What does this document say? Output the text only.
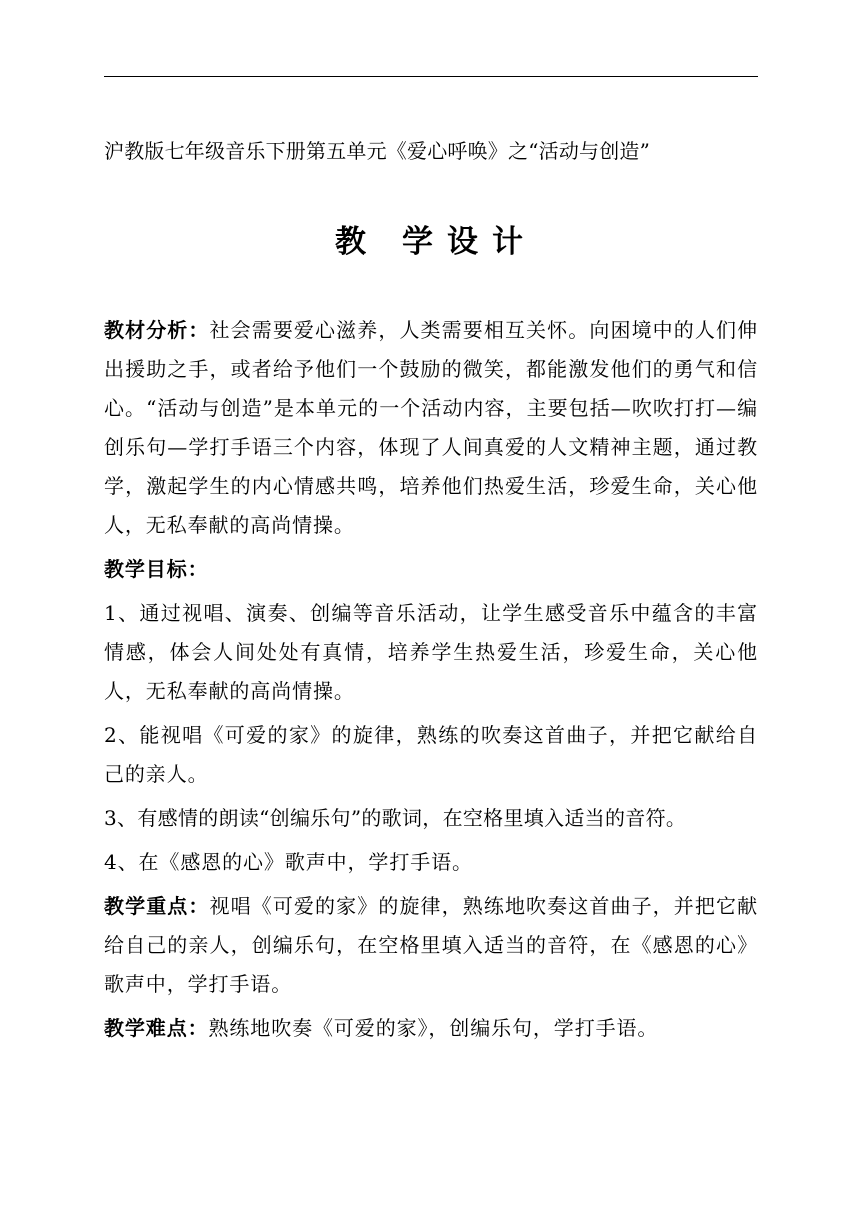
沪教版七年级音乐下册第五单元《爱心呼唤》之“活动与创造”
教 学 设 计

教材分析：社会需要爱心滋养，人类需要相互关怀。向困境中的人们伸出援助之手，或者给予他们一个鼓励的微笑，都能激发他们的勇气和信心。“活动与创造”是本单元的一个活动内容，主要包括—吹吹打打—编创乐句—学打手语三个内容，体现了人间真爱的人文精神主题，通过教学，激起学生的内心情感共鸣，培养他们热爱生活，珍爱生命，关心他人，无私奉献的高尚情操。

教学目标：

1、通过视唱、演奏、创编等音乐活动，让学生感受音乐中蕴含的丰富情感，体会人间处处有真情，培养学生热爱生活，珍爱生命，关心他人，无私奉献的高尚情操。

2、能视唱《可爱的家》的旋律，熟练的吹奏这首曲子，并把它献给自己的亲人。

3、有感情的朗读“创编乐句”的歌词，在空格里填入适当的音符。

4、在《感恩的心》歌声中，学打手语。

教学重点：视唱《可爱的家》的旋律，熟练地吹奏这首曲子，并把它献给自己的亲人，创编乐句，在空格里填入适当的音符，在《感恩的心》歌声中，学打手语。

教学难点：熟练地吹奏《可爱的家》，创编乐句，学打手语。
